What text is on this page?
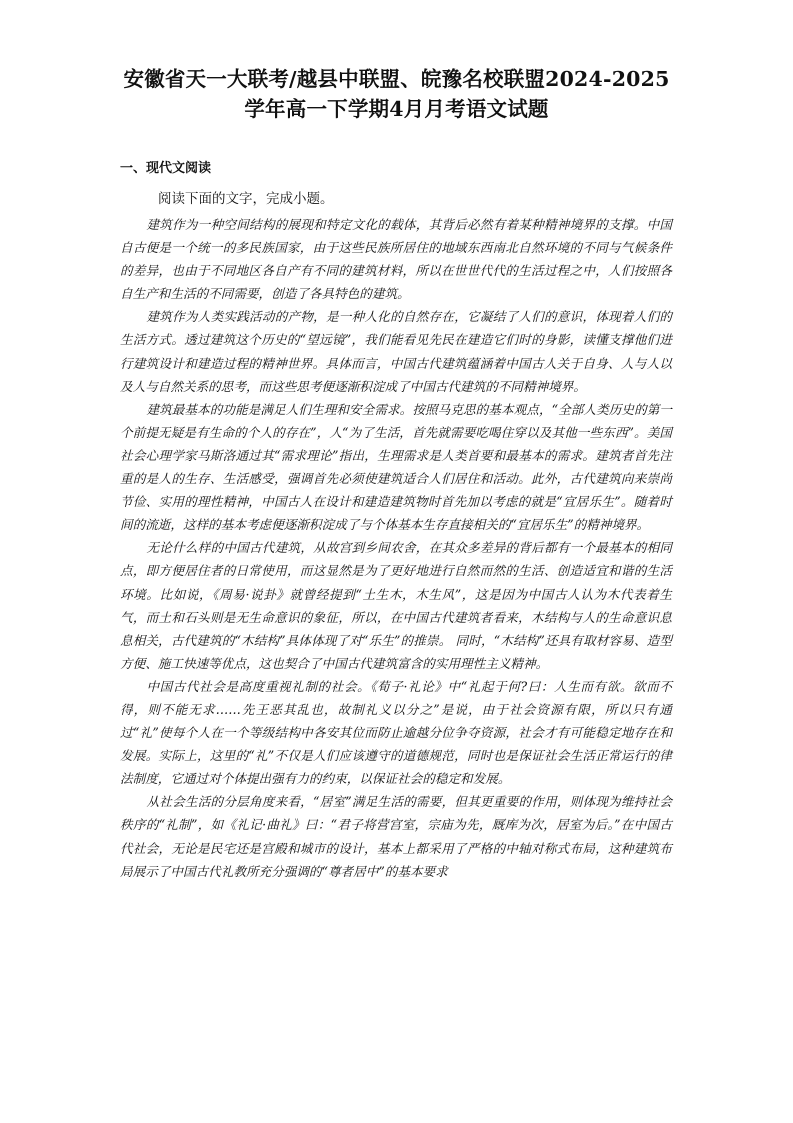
安徽省天一大联考/越县中联盟、皖豫名校联盟2024-2025
学年高一下学期4月月考语文试题
一、现代文阅读
阅读下面的文字，完成小题。

建筑作为一种空间结构的展现和特定文化的载体，其背后必然有着某种精神境界的支撑。中国自古便是一个统一的多民族国家，由于这些民族所居住的地域东西南北自然环境的不同与气候条件的差异，也由于不同地区各自产有不同的建筑材料，所以在世世代代的生活过程之中，人们按照各自生产和生活的不同需要，创造了各具特色的建筑。

建筑作为人类实践活动的产物，是一种人化的自然存在，它凝结了人们的意识，体现着人们的生活方式。透过建筑这个历史的“望远镜”，我们能看见先民在建造它们时的身影，读懂支撑他们进行建筑设计和建造过程的精神世界。具体而言，中国古代建筑蕴涵着中国古人关于自身、人与人以及人与自然关系的思考，而这些思考便逐渐积淀成了中国古代建筑的不同精神境界。

建筑最基本的功能是满足人们生理和安全需求。按照马克思的基本观点，“全部人类历史的第一个前提无疑是有生命的个人的存在”，人“为了生活，首先就需要吃喝住穿以及其他一些东西”。美国社会心理学家马斯洛通过其“需求理论”指出，生理需求是人类首要和最基本的需求。建筑者首先注重的是人的生存、生活感受，强调首先必须使建筑适合人们居住和活动。此外，古代建筑向来崇尚节俭、实用的理性精神，中国古人在设计和建造建筑物时首先加以考虑的就是“宜居乐生”。随着时间的流逝，这样的基本考虑便逐渐积淀成了与个体基本生存直接相关的“宜居乐生”的精神境界。

无论什么样的中国古代建筑，从故宫到乡间农舍，在其众多差异的背后都有一个最基本的相同点，即方便居住者的日常使用，而这显然是为了更好地进行自然而然的生活、创造适宜和谐的生活环境。比如说，《周易·说卦》就曾经提到“土生木，木生风”，这是因为中国古人认为木代表着生气，而土和石头则是无生命意识的象征，所以，在中国古代建筑者看来，木结构与人的生命意识息息相关，古代建筑的“木结构”具体体现了对“乐生”的推崇。 同时，“木结构”还具有取材容易、造型方便、施工快速等优点，这也契合了中国古代建筑富含的实用理性主义精神。

中国古代社会是高度重视礼制的社会。《荀子·礼论》中“礼起于何?曰：人生而有欲。欲而不得，则不能无求……先王恶其乱也，故制礼义以分之”是说，由于社会资源有限，所以只有通过“礼”使每个人在一个等级结构中各安其位而防止逾越分位争夺资源，社会才有可能稳定地存在和发展。实际上，这里的“礼”不仅是人们应该遵守的道德规范，同时也是保证社会生活正常运行的律法制度，它通过对个体提出强有力的约束，以保证社会的稳定和发展。

从社会生活的分层角度来看，“居室”满足生活的需要，但其更重要的作用，则体现为维持社会秩序的“礼制”，如《礼记·曲礼》曰：“君子将营宫室，宗庙为先，厩库为次，居室为后。”在中国古代社会，无论是民宅还是宫殿和城市的设计，基本上都采用了严格的中轴对称式布局，这种建筑布局展示了中国古代礼教所充分强调的“尊者居中”的基本要求
